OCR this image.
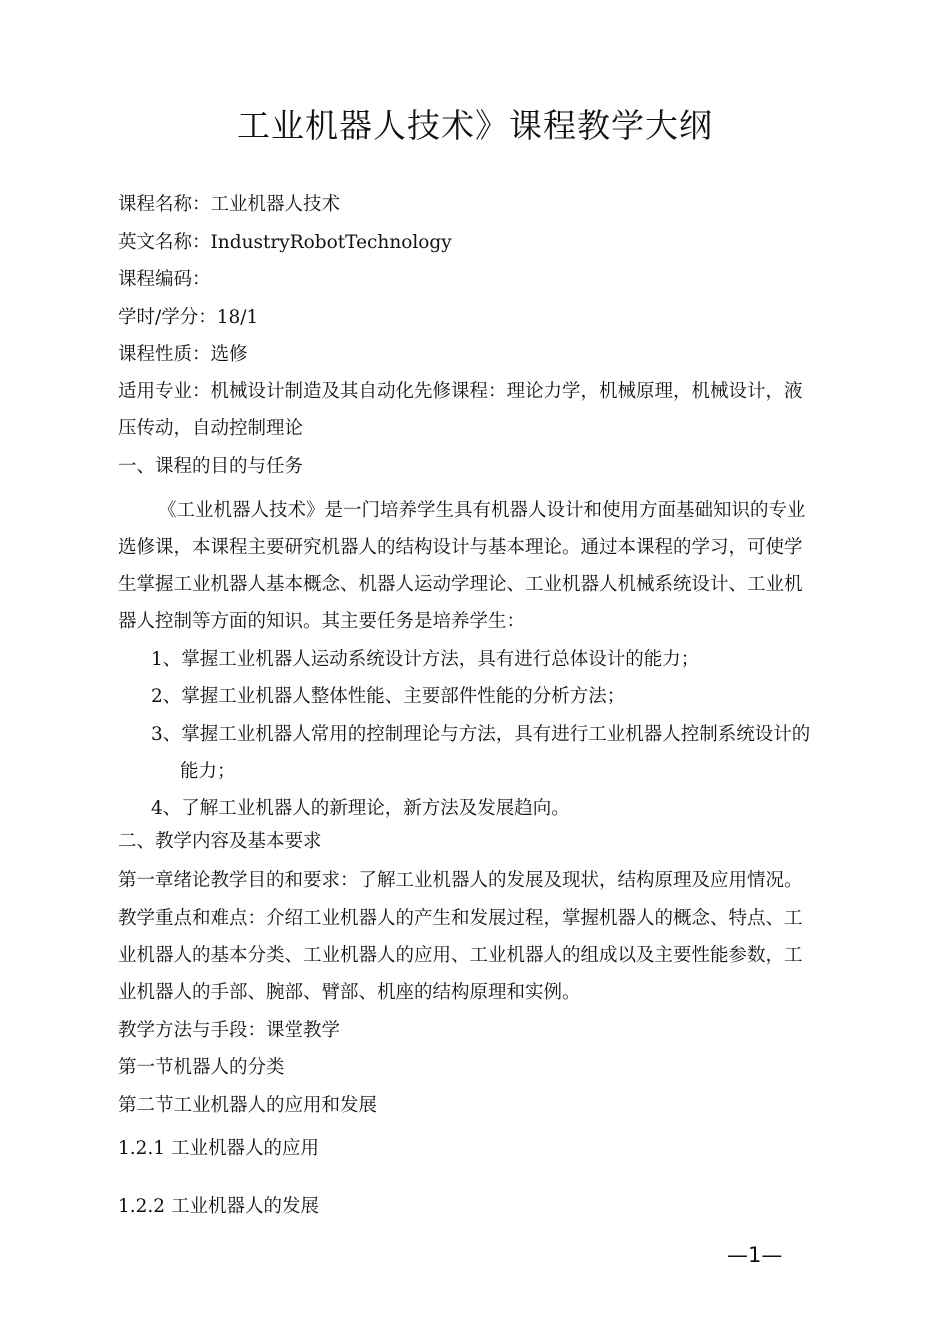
工业机器人技术》课程教学大纲
课程名称：工业机器人技术
英文名称：IndustryRobotTechnology
课程编码：
学时/学分：18/1
课程性质：选修
适用专业：机械设计制造及其自动化先修课程：理论力学，机械原理，机械设计，液
压传动，自动控制理论
一、课程的目的与任务
《工业机器人技术》是一门培养学生具有机器人设计和使用方面基础知识的专业
选修课，本课程主要研究机器人的结构设计与基本理论。通过本课程的学习，可使学
生掌握工业机器人基本概念、机器人运动学理论、工业机器人机械系统设计、工业机
器人控制等方面的知识。其主要任务是培养学生：
1、掌握工业机器人运动系统设计方法，具有进行总体设计的能力；
2、掌握工业机器人整体性能、主要部件性能的分析方法；
3、掌握工业机器人常用的控制理论与方法，具有进行工业机器人控制系统设计的
能力；
4、了解工业机器人的新理论，新方法及发展趋向。
二、教学内容及基本要求
第一章绪论教学目的和要求：了解工业机器人的发展及现状，结构原理及应用情况。
教学重点和难点：介绍工业机器人的产生和发展过程，掌握机器人的概念、特点、工
业机器人的基本分类、工业机器人的应用、工业机器人的组成以及主要性能参数，工
业机器人的手部、腕部、臂部、机座的结构原理和实例。
教学方法与手段：课堂教学
第一节机器人的分类
第二节工业机器人的应用和发展
1.2.1 工业机器人的应用
1.2.2 工业机器人的发展
—1—
